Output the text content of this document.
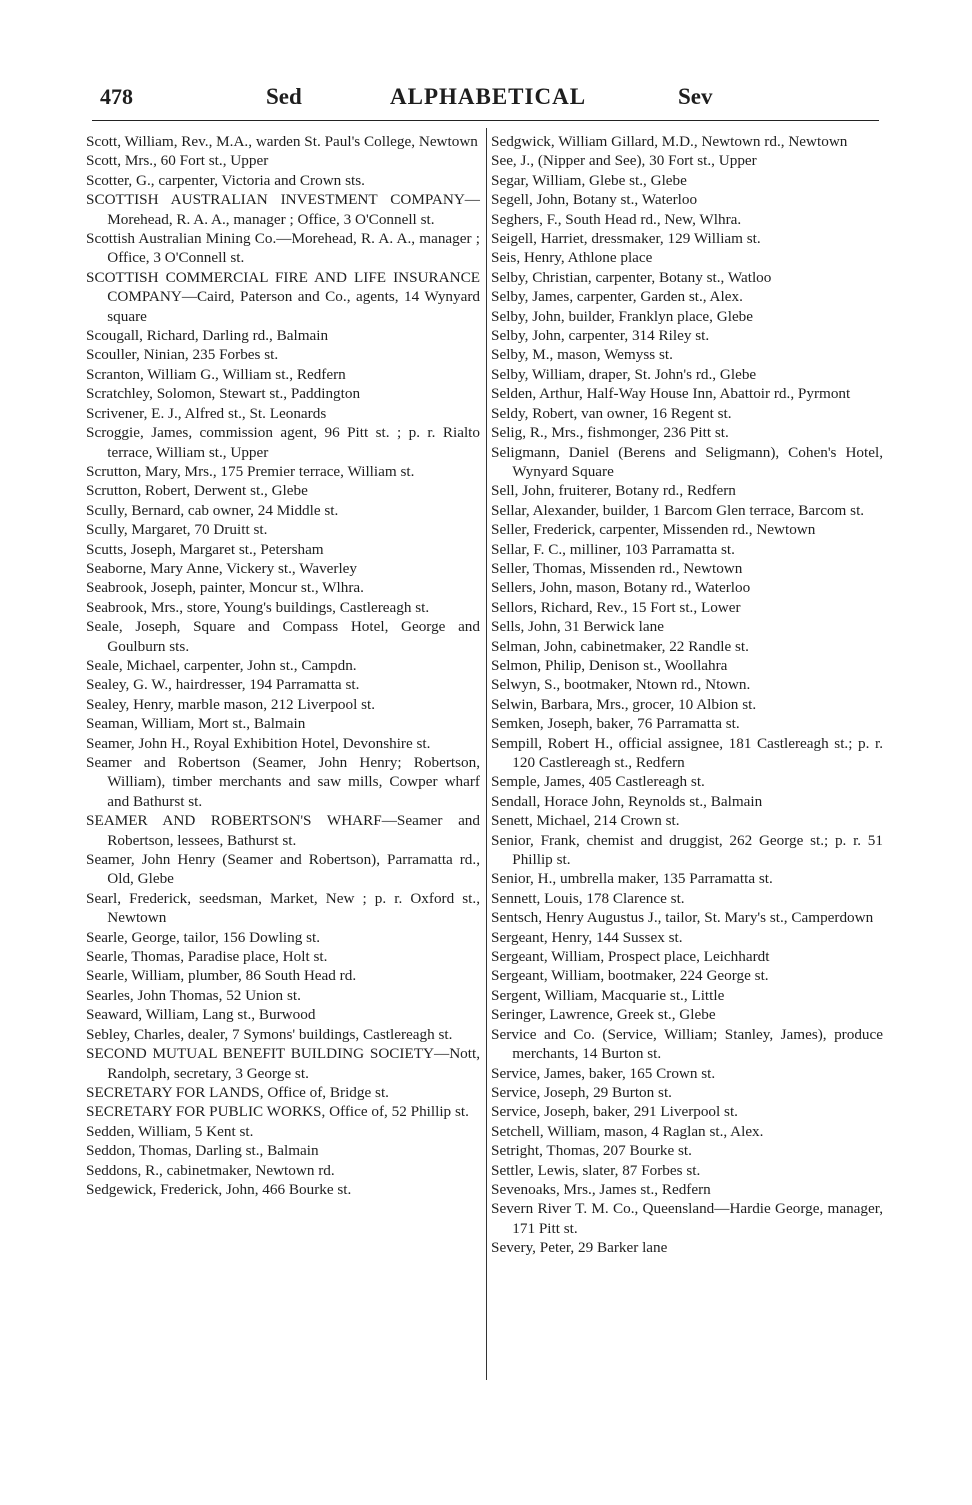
478	Sed	ALPHABETICAL	Sev

Scott, William, Rev., M.A., warden St. Paul's College, Newtown

Scott, Mrs., 60 Fort st., Upper

Scotter, G., carpenter, Victoria and Crown sts.

SCOTTISH AUSTRALIAN INVESTMENT COMPANY—Morehead, R. A. A., manager ; Office, 3 O'Connell st.

Scottish Australian Mining Co.—Morehead, R. A. A., manager ; Office, 3 O'Connell st.

SCOTTISH COMMERCIAL FIRE AND LIFE INSURANCE COMPANY—Caird, Paterson and Co., agents, 14 Wynyard square

Scougall, Richard, Darling rd., Balmain

Scouller, Ninian, 235 Forbes st.

Scranton, William G., William st., Redfern

Scratchley, Solomon, Stewart st., Paddington

Scrivener, E. J., Alfred st., St. Leonards

Scroggie, James, commission agent, 96 Pitt st. ; p. r. Rialto terrace, William st., Upper

Scrutton, Mary, Mrs., 175 Premier terrace, William st.

Scrutton, Robert, Derwent st., Glebe

Scully, Bernard, cab owner, 24 Middle st.

Scully, Margaret, 70 Druitt st.

Scutts, Joseph, Margaret st., Petersham

Seaborne, Mary Anne, Vickery st., Waverley

Seabrook, Joseph, painter, Moncur st., Wlhra.

Seabrook, Mrs., store, Young's buildings, Castlereagh st.

Seale, Joseph, Square and Compass Hotel, George and Goulburn sts.

Seale, Michael, carpenter, John st., Campdn.

Sealey, G. W., hairdresser, 194 Parramatta st.

Sealey, Henry, marble mason, 212 Liverpool st.

Seaman, William, Mort st., Balmain

Seamer, John H., Royal Exhibition Hotel, Devonshire st.

Seamer and Robertson (Seamer, John Henry; Robertson, William), timber merchants and saw mills, Cowper wharf and Bathurst st.

SEAMER AND ROBERTSON'S WHARF—Seamer and Robertson, lessees, Bathurst st.

Seamer, John Henry (Seamer and Robertson), Parramatta rd., Old, Glebe

Searl, Frederick, seedsman, Market, New ; p. r. Oxford st., Newtown

Searle, George, tailor, 156 Dowling st.

Searle, Thomas, Paradise place, Holt st.

Searle, William, plumber, 86 South Head rd.

Searles, John Thomas, 52 Union st.

Seaward, William, Lang st., Burwood

Sebley, Charles, dealer, 7 Symons' buildings, Castlereagh st.

SECOND MUTUAL BENEFIT BUILDING SOCIETY—Nott, Randolph, secretary, 3 George st.

SECRETARY FOR LANDS, Office of, Bridge st.

SECRETARY FOR PUBLIC WORKS, Office of, 52 Phillip st.

Sedden, William, 5 Kent st.

Seddon, Thomas, Darling st., Balmain

Seddons, R., cabinetmaker, Newtown rd.

Sedgewick, Frederick, John, 466 Bourke st.

Sedgwick, William Gillard, M.D., Newtown rd., Newtown

See, J., (Nipper and See), 30 Fort st., Upper

Segar, William, Glebe st., Glebe

Segell, John, Botany st., Waterloo

Seghers, F., South Head rd., New, Wlhra.

Seigell, Harriet, dressmaker, 129 William st.

Seis, Henry, Athlone place

Selby, Christian, carpenter, Botany st., Watloo

Selby, James, carpenter, Garden st., Alex.

Selby, John, builder, Franklyn place, Glebe

Selby, John, carpenter, 314 Riley st.

Selby, M., mason, Wemyss st.

Selby, William, draper, St. John's rd., Glebe

Selden, Arthur, Half-Way House Inn, Abattoir rd., Pyrmont

Seldy, Robert, van owner, 16 Regent st.

Selig, R., Mrs., fishmonger, 236 Pitt st.

Seligmann, Daniel (Berens and Seligmann), Cohen's Hotel, Wynyard Square

Sell, John, fruiterer, Botany rd., Redfern

Sellar, Alexander, builder, 1 Barcom Glen terrace, Barcom st.

Seller, Frederick, carpenter, Missenden rd., Newtown

Sellar, F. C., milliner, 103 Parramatta st.

Seller, Thomas, Missenden rd., Newtown

Sellers, John, mason, Botany rd., Waterloo

Sellors, Richard, Rev., 15 Fort st., Lower

Sells, John, 31 Berwick lane

Selman, John, cabinetmaker, 22 Randle st.

Selmon, Philip, Denison st., Woollahra

Selwyn, S., bootmaker, Ntown rd., Ntown.

Selwin, Barbara, Mrs., grocer, 10 Albion st.

Semken, Joseph, baker, 76 Parramatta st.

Sempill, Robert H., official assignee, 181 Castlereagh st.; p. r. 120 Castlereagh st., Redfern

Semple, James, 405 Castlereagh st.

Sendall, Horace John, Reynolds st., Balmain

Senett, Michael, 214 Crown st.

Senior, Frank, chemist and druggist, 262 George st.; p. r. 51 Phillip st.

Senior, H., umbrella maker, 135 Parramatta st.

Sennett, Louis, 178 Clarence st.

Sentsch, Henry Augustus J., tailor, St. Mary's st., Camperdown

Sergeant, Henry, 144 Sussex st.

Sergeant, William, Prospect place, Leichhardt

Sergeant, William, bootmaker, 224 George st.

Sergent, William, Macquarie st., Little

Seringer, Lawrence, Greek st., Glebe

Service and Co. (Service, William; Stanley, James), produce merchants, 14 Burton st.

Service, James, baker, 165 Crown st.

Service, Joseph, 29 Burton st.

Service, Joseph, baker, 291 Liverpool st.

Setchell, William, mason, 4 Raglan st., Alex.

Setright, Thomas, 207 Bourke st.

Settler, Lewis, slater, 87 Forbes st.

Sevenoaks, Mrs., James st., Redfern

Severn River T. M. Co., Queensland—Hardie George, manager, 171 Pitt st.

Severy, Peter, 29 Barker lane
